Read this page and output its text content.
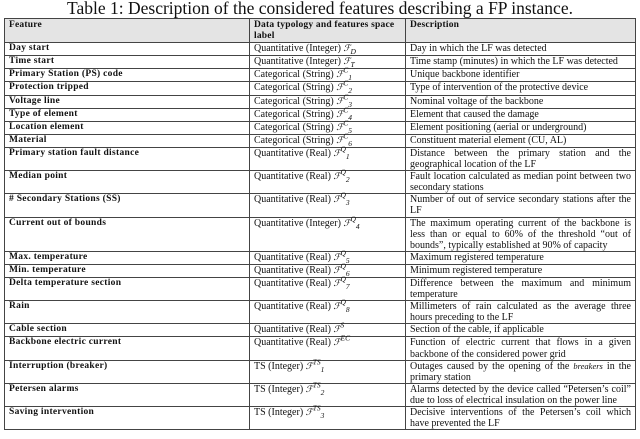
Table 1: Description of the considered features describing a FP instance.
Feature	Data typology and features space label	Description
Day start	Quantitative (Integer) ℱ$_D$	Day in which the LF was detected
Time start	Quantitative (Integer) ℱ$_T$	Time stamp (minutes) in which the LF was detected
Primary Station (PS) code	Categorical (String) ℱ$^C_1$	Unique backbone identifier
Protection tripped	Categorical (String) ℱ$^C_2$	Type of intervention of the protective device
Voltage line	Categorical (String) ℱ$^C_3$	Nominal voltage of the backbone
Type of element	Categorical (String) ℱ$^C_4$	Element that caused the damage
Location element	Categorical (String) ℱ$^C_5$	Element positioning (aerial or underground)
Material	Categorical (String) ℱ$^C_6$	Constituent material element (CU, AL)
Primary station fault distance	Quantitative (Real) ℱ$^Q_1$	Distance between the primary station and the geographical location of the LF
Median point	Quantitative (Real) ℱ$^Q_2$	Fault location calculated as median point between two secondary stations
# Secondary Stations (SS)	Quantitative (Real) ℱ$^Q_3$	Number of out of service secondary stations after the LF
Current out of bounds	Quantitative (Integer) ℱ$^Q_4$	The maximum operating current of the backbone is less than or equal to 60% of the threshold “out of bounds”, typically established at 90% of capacity
Max. temperature	Quantitative (Real) ℱ$^Q_5$	Maximum registered temperature
Min. temperature	Quantitative (Real) ℱ$^Q_6$	Minimum registered temperature
Delta temperature section	Quantitative (Real) ℱ$^Q_7$	Difference between the maximum and minimum temperature
Rain	Quantitative (Real) ℱ$^Q_8$	Millimeters of rain calculated as the average three hours preceding to the LF
Cable section	Quantitative (Real) ℱ$^S$	Section of the cable, if applicable
Backbone electric current	Quantitative (Real) ℱ$^{EC}$	Function of electric current that flows in a given backbone of the considered power grid
Interruption (breaker)	TS (Integer) ℱ$^{TS}_1$	Outages caused by the opening of the breakers in the primary station
Petersen alarms	TS (Integer) ℱ$^{TS}_2$	Alarms detected by the device called “Petersen’s coil” due to loss of electrical insulation on the power line
Saving intervention	TS (Integer) ℱ$^{TS}_3$	Decisive interventions of the Petersen’s coil which have prevented the LF
